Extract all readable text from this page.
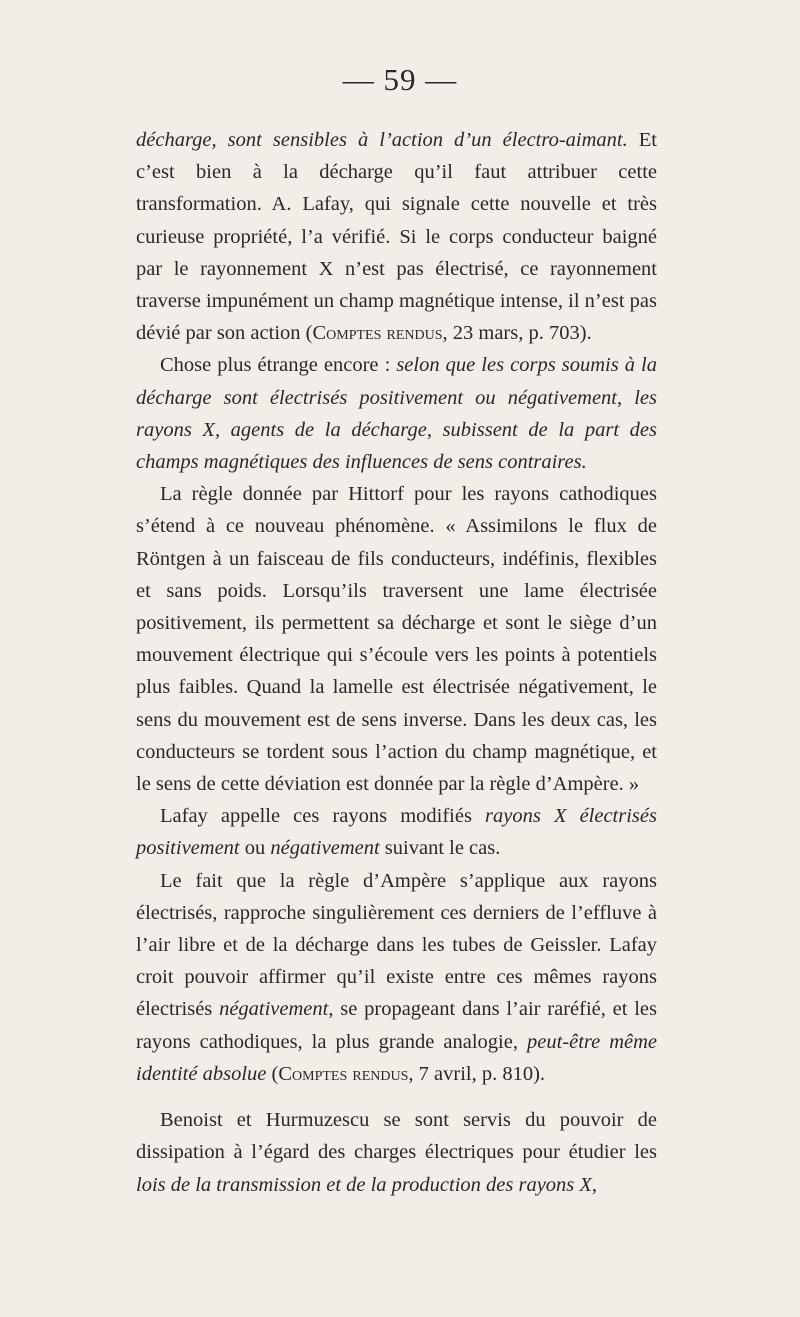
— 59 —

décharge, sont sensibles à l’action d’un électro-aimant. Et c’est bien à la décharge qu’il faut attribuer cette transformation. A. Lafay, qui signale cette nouvelle et très curieuse propriété, l’a vérifié. Si le corps conducteur baigné par le rayonnement X n’est pas électrisé, ce rayonnement traverse impunément un champ magnétique intense, il n’est pas dévié par son action (Comptes rendus, 23 mars, p. 703).

Chose plus étrange encore : selon que les corps soumis à la décharge sont électrisés positivement ou négativement, les rayons X, agents de la décharge, subissent de la part des champs magnétiques des influences de sens contraires.

La règle donnée par Hittorf pour les rayons cathodiques s’étend à ce nouveau phénomène. « Assimilons le flux de Röntgen à un faisceau de fils conducteurs, indéfinis, flexibles et sans poids. Lorsqu’ils traversent une lame électrisée positivement, ils permettent sa décharge et sont le siège d’un mouvement électrique qui s’écoule vers les points à potentiels plus faibles. Quand la lamelle est électrisée négativement, le sens du mouvement est de sens inverse. Dans les deux cas, les conducteurs se tordent sous l’action du champ magnétique, et le sens de cette déviation est donnée par la règle d’Ampère. »

Lafay appelle ces rayons modifiés rayons X électrisés positivement ou négativement suivant le cas.

Le fait que la règle d’Ampère s’applique aux rayons électrisés, rapproche singulièrement ces derniers de l’effluve à l’air libre et de la décharge dans les tubes de Geissler. Lafay croit pouvoir affirmer qu’il existe entre ces mêmes rayons électrisés négativement, se propageant dans l’air raréfié, et les rayons cathodiques, la plus grande analogie, peut-être même identité absolue (Comptes rendus, 7 avril, p. 810).

Benoist et Hurmuzescu se sont servis du pouvoir de dissipation à l’égard des charges électriques pour étudier les lois de la transmission et de la production des rayons X,
